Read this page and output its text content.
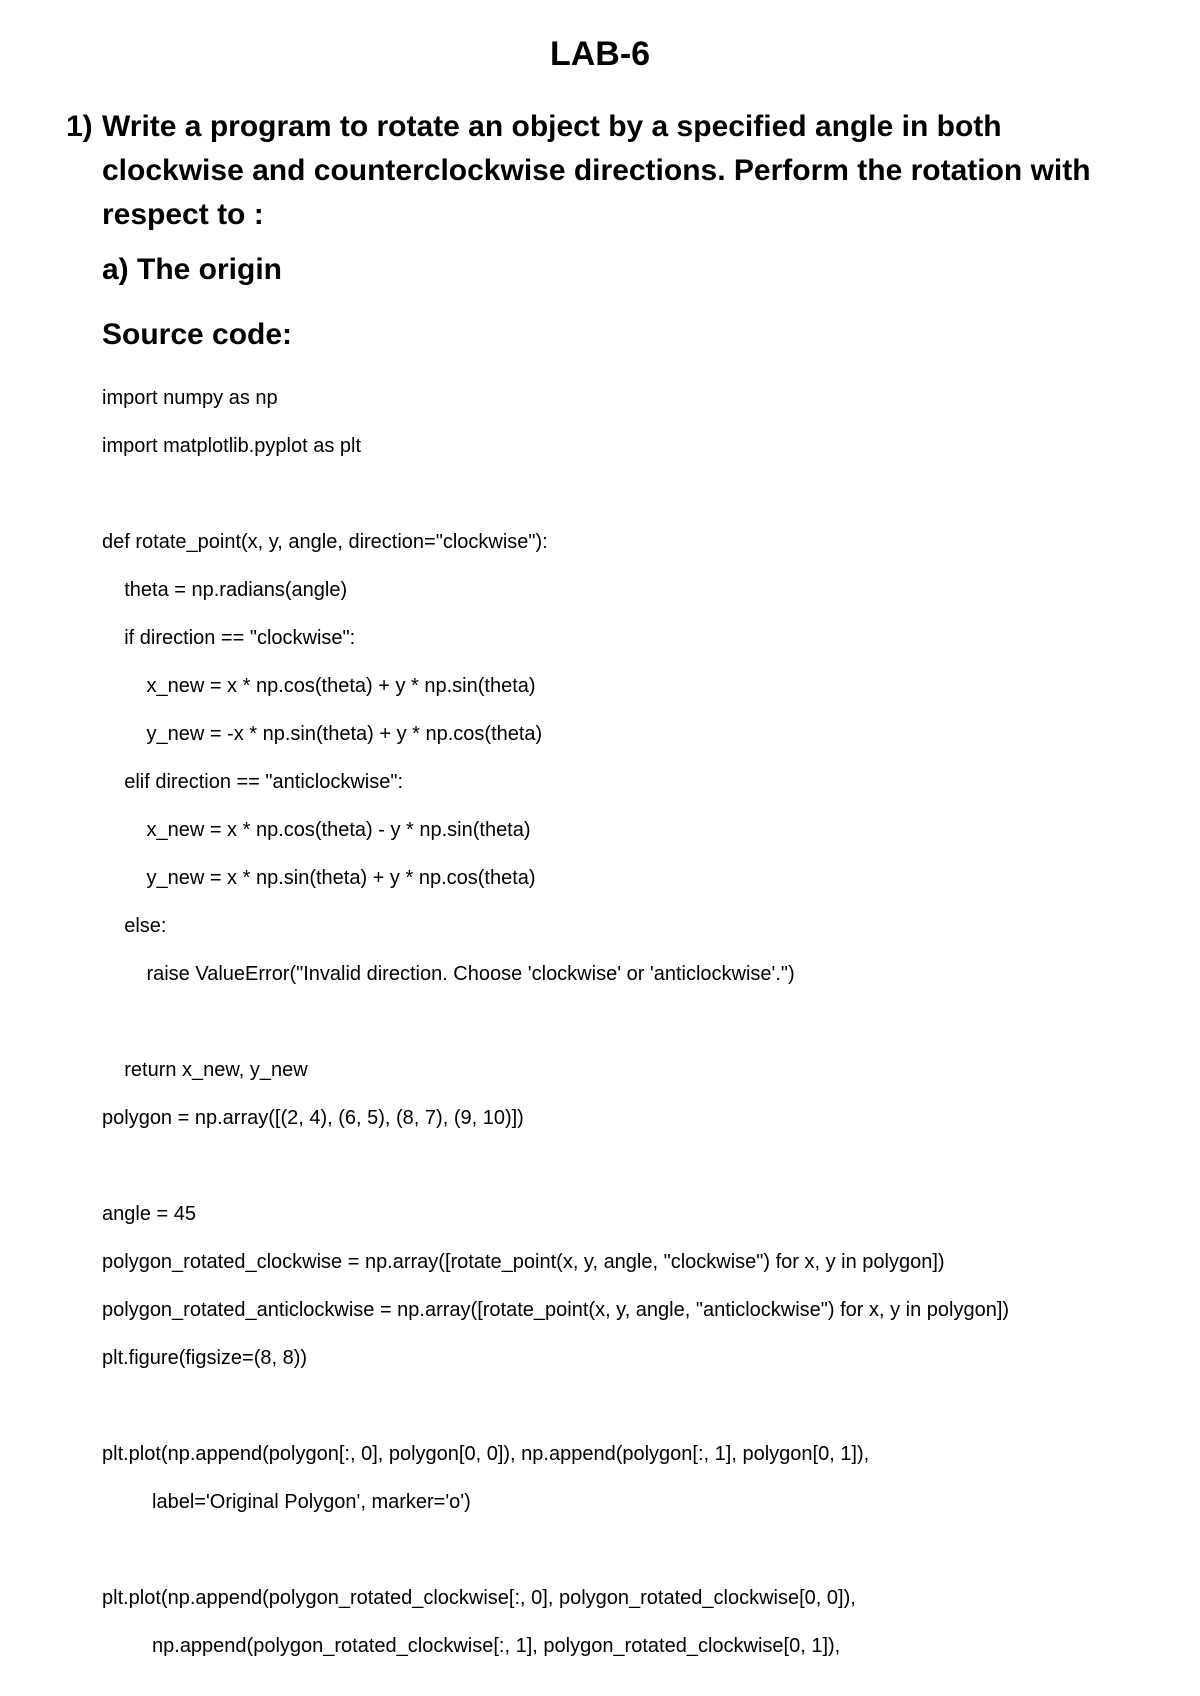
LAB-6
1) Write a program to rotate an object by a specified angle in both
clockwise and counterclockwise directions. Perform the rotation with
respect to :
a) The origin
Source code:
import numpy as np
import matplotlib.pyplot as plt
def rotate_point(x, y, angle, direction="clockwise"):
theta = np.radians(angle)
if direction == "clockwise":
x_new = x * np.cos(theta) + y * np.sin(theta)
y_new = -x * np.sin(theta) + y * np.cos(theta)
elif direction == "anticlockwise":
x_new = x * np.cos(theta) - y * np.sin(theta)
y_new = x * np.sin(theta) + y * np.cos(theta)
else:
raise ValueError("Invalid direction. Choose 'clockwise' or 'anticlockwise'.")
return x_new, y_new
polygon = np.array([(2, 4), (6, 5), (8, 7), (9, 10)])
angle = 45
polygon_rotated_clockwise = np.array([rotate_point(x, y, angle, "clockwise") for x, y in polygon])
polygon_rotated_anticlockwise = np.array([rotate_point(x, y, angle, "anticlockwise") for x, y in polygon])
plt.figure(figsize=(8, 8))
plt.plot(np.append(polygon[:, 0], polygon[0, 0]), np.append(polygon[:, 1], polygon[0, 1]),
label='Original Polygon', marker='o')
plt.plot(np.append(polygon_rotated_clockwise[:, 0], polygon_rotated_clockwise[0, 0]),
np.append(polygon_rotated_clockwise[:, 1], polygon_rotated_clockwise[0, 1]),
